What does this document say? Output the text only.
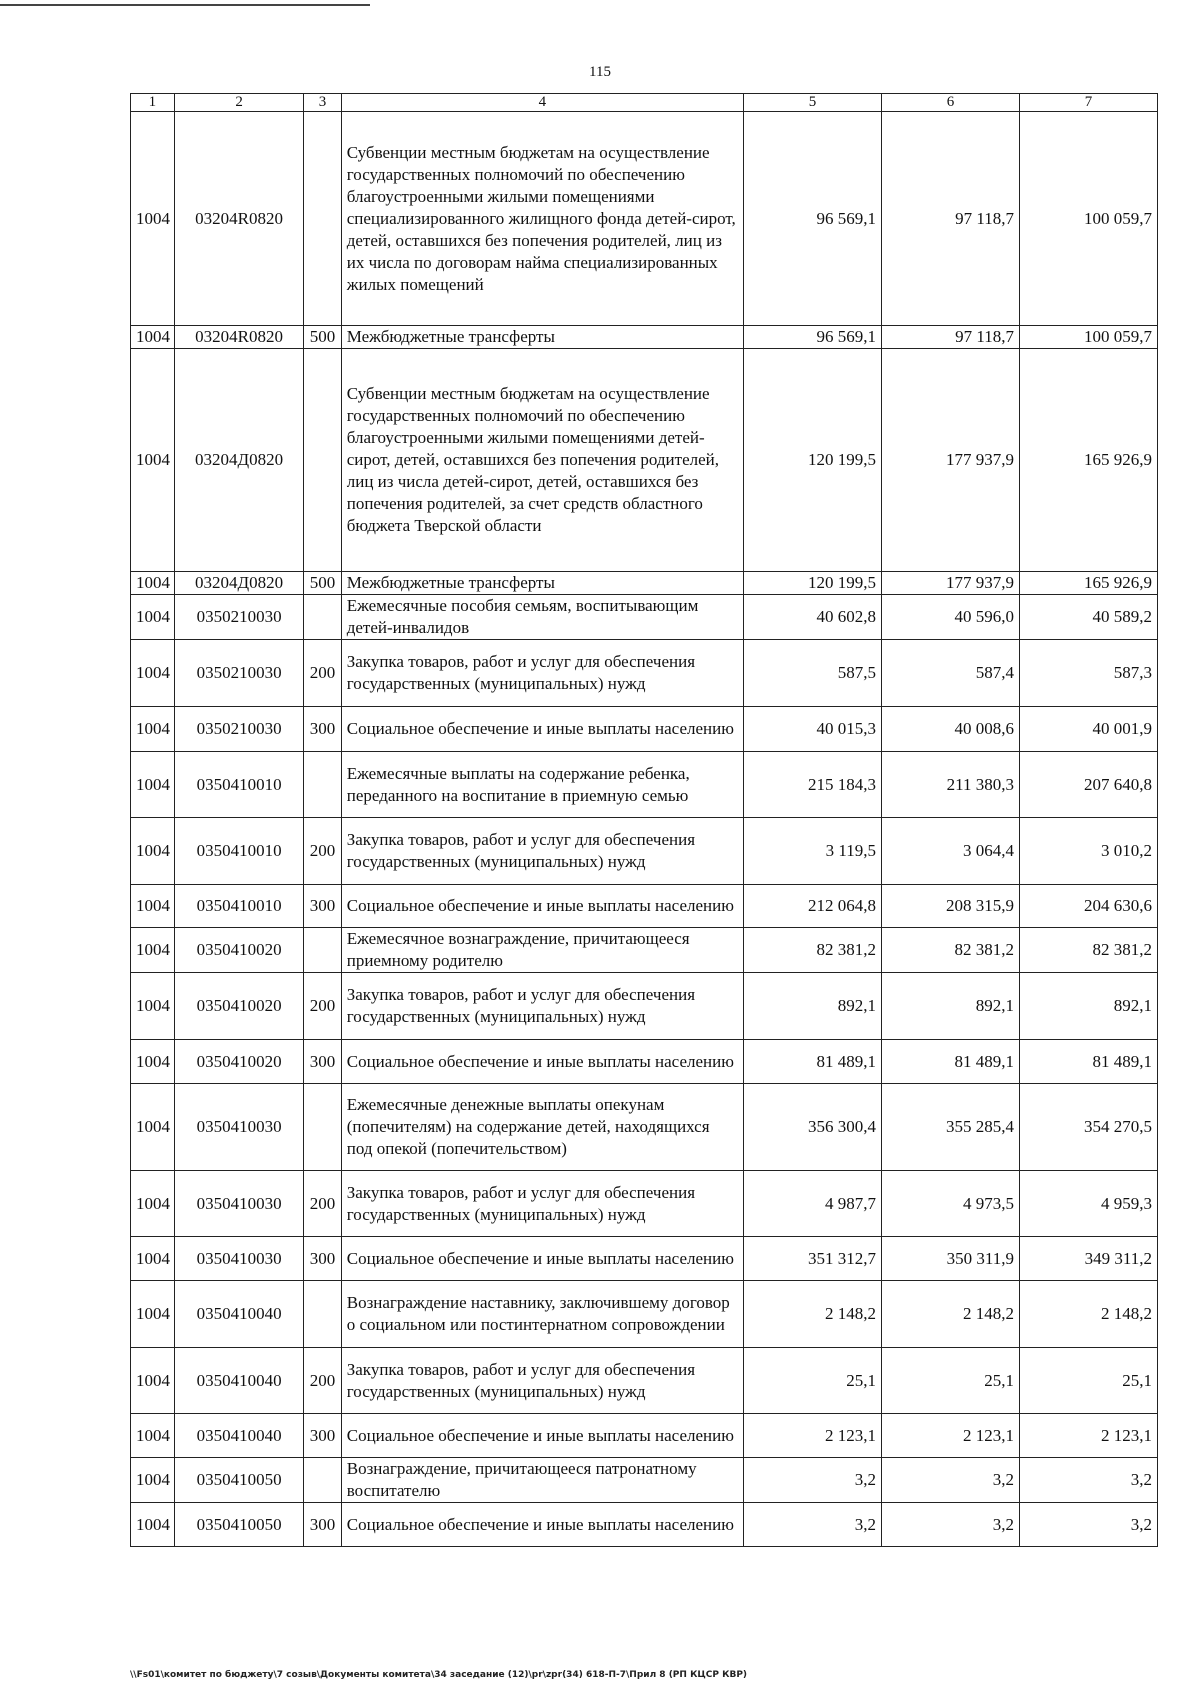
115
1	2	3	4	5	6	7
1004	03204R0820		Субвенции местным бюджетам на осуществление государственных полномочий по обеспечению благоустроенными жилыми помещениями специализированного жилищного фонда детей-сирот, детей, оставшихся без попечения родителей, лиц из их числа по договорам найма специализированных жилых помещений	96 569,1	97 118,7	100 059,7
1004	03204R0820	500	Межбюджетные трансферты	96 569,1	97 118,7	100 059,7
1004	03204Д0820		Субвенции местным бюджетам на осуществление государственных полномочий по обеспечению благоустроенными жилыми помещениями детей-сирот, детей, оставшихся без попечения родителей, лиц из числа детей-сирот, детей, оставшихся без попечения родителей, за счет средств областного бюджета Тверской области	120 199,5	177 937,9	165 926,9
1004	03204Д0820	500	Межбюджетные трансферты	120 199,5	177 937,9	165 926,9
1004	0350210030		Ежемесячные пособия семьям, воспитывающим детей-инвалидов	40 602,8	40 596,0	40 589,2
1004	0350210030	200	Закупка товаров, работ и услуг для обеспечения государственных (муниципальных) нужд	587,5	587,4	587,3
1004	0350210030	300	Социальное обеспечение и иные выплаты населению	40 015,3	40 008,6	40 001,9
1004	0350410010		Ежемесячные выплаты на содержание ребенка, переданного на воспитание в приемную семью	215 184,3	211 380,3	207 640,8
1004	0350410010	200	Закупка товаров, работ и услуг для обеспечения государственных (муниципальных) нужд	3 119,5	3 064,4	3 010,2
1004	0350410010	300	Социальное обеспечение и иные выплаты населению	212 064,8	208 315,9	204 630,6
1004	0350410020		Ежемесячное вознаграждение, причитающееся приемному родителю	82 381,2	82 381,2	82 381,2
1004	0350410020	200	Закупка товаров, работ и услуг для обеспечения государственных (муниципальных) нужд	892,1	892,1	892,1
1004	0350410020	300	Социальное обеспечение и иные выплаты населению	81 489,1	81 489,1	81 489,1
1004	0350410030		Ежемесячные денежные выплаты опекунам (попечителям) на содержание детей, находящихся под опекой (попечительством)	356 300,4	355 285,4	354 270,5
1004	0350410030	200	Закупка товаров, работ и услуг для обеспечения государственных (муниципальных) нужд	4 987,7	4 973,5	4 959,3
1004	0350410030	300	Социальное обеспечение и иные выплаты населению	351 312,7	350 311,9	349 311,2
1004	0350410040		Вознаграждение наставнику, заключившему договор о социальном или постинтернатном сопровождении	2 148,2	2 148,2	2 148,2
1004	0350410040	200	Закупка товаров, работ и услуг для обеспечения государственных (муниципальных) нужд	25,1	25,1	25,1
1004	0350410040	300	Социальное обеспечение и иные выплаты населению	2 123,1	2 123,1	2 123,1
1004	0350410050		Вознаграждение, причитающееся патронатному воспитателю	3,2	3,2	3,2
1004	0350410050	300	Социальное обеспечение и иные выплаты населению	3,2	3,2	3,2
\\Fs01\комитет по бюджету\7 созыв\Документы комитета\34 заседание (12)\pr\zpr(34) 618-П-7\Прил 8 (РП КЦСР КВР)
